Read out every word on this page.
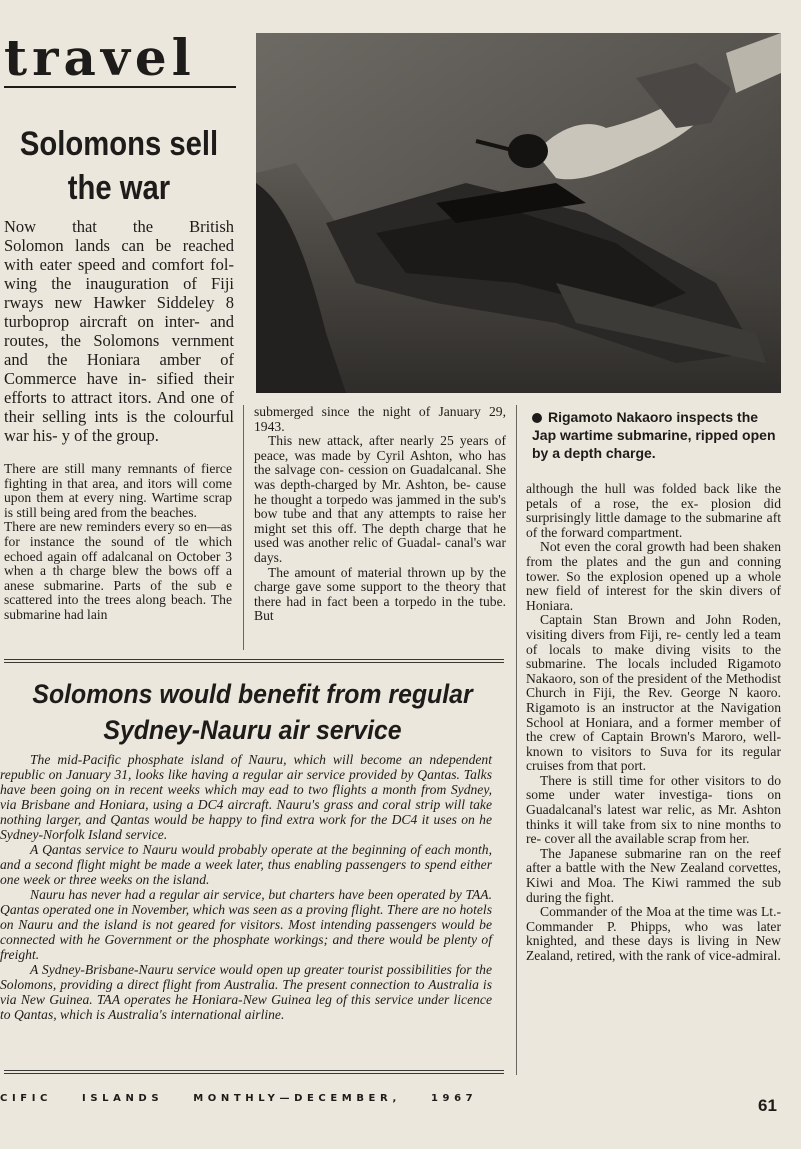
travel
Solomons sell
the war

Now that the British Solomon lands can be reached with eater speed and comfort fol- wing the inauguration of Fiji rways new Hawker Siddeley 8 turboprop aircraft on inter- and routes, the Solomons vernment and the Honiara amber of Commerce have in- sified their efforts to attract itors. And one of their selling ints is the colourful war his- y of the group.

There are still many remnants of fierce fighting in that area, and itors will come upon them at every ning. Wartime scrap is still being ared from the beaches.

There are new reminders every so en—as for instance the sound of tle which echoed again off adalcanal on October 3 when a th charge blew the bows off a anese submarine. Parts of the sub e scattered into the trees along beach. The submarine had lain

submerged since the night of January 29, 1943.

This new attack, after nearly 25 years of peace, was made by Cyril Ashton, who has the salvage con- cession on Guadalcanal. She was depth-charged by Mr. Ashton, be- cause he thought a torpedo was jammed in the sub's bow tube and that any attempts to raise her might set this off. The depth charge that he used was another relic of Guadal- canal's war days.

The amount of material thrown up by the charge gave some support to the theory that there had in fact been a torpedo in the tube. But

Rigamoto Nakaoro inspects the Jap wartime submarine, ripped open by a depth charge.

although the hull was folded back like the petals of a rose, the ex- plosion did surprisingly little damage to the submarine aft of the forward compartment.

Not even the coral growth had been shaken from the plates and the gun and conning tower. So the explosion opened up a whole new field of interest for the skin divers of Honiara.

Captain Stan Brown and John Roden, visiting divers from Fiji, re- cently led a team of locals to make diving visits to the submarine. The locals included Rigamoto Nakaoro, son of the president of the Methodist Church in Fiji, the Rev. George N kaoro. Rigamoto is an instructor at the Navigation School at Honiara, and a former member of the crew of Captain Brown's Maroro, well- known to visitors to Suva for its regular cruises from that port.

There is still time for other visitors to do some under water investiga- tions on Guadalcanal's latest war relic, as Mr. Ashton thinks it will take from six to nine months to re- cover all the available scrap from her.

The Japanese submarine ran on the reef after a battle with the New Zealand corvettes, Kiwi and Moa. The Kiwi rammed the sub during the fight.

Commander of the Moa at the time was Lt.-Commander P. Phipps, who was later knighted, and these days is living in New Zealand, retired, with the rank of vice-admiral.

Solomons would benefit from regular
Sydney-Nauru air service

The mid-Pacific phosphate island of Nauru, which will become an ndependent republic on January 31, looks like having a regular air service provided by Qantas. Talks have been going on in recent weeks which may ead to two flights a month from Sydney, via Brisbane and Honiara, using a DC4 aircraft. Nauru's grass and coral strip will take nothing larger, and Qantas would be happy to find extra work for the DC4 it uses on he Sydney-Norfolk Island service.

A Qantas service to Nauru would probably operate at the beginning of each month, and a second flight might be made a week later, thus enabling passengers to spend either one week or three weeks on the island.

Nauru has never had a regular air service, but charters have been operated by TAA. Qantas operated one in November, which was seen as a proving flight. There are no hotels on Nauru and the island is not geared for visitors. Most intending passengers would be connected with he Government or the phosphate workings; and there would be plenty of freight.

A Sydney-Brisbane-Nauru service would open up greater tourist possibilities for the Solomons, providing a direct flight from Australia. The present connection to Australia is via New Guinea. TAA operates he Honiara-New Guinea leg of this service under licence to Qantas, which is Australia's international airline.

CIFIC ISLANDS MONTHLY—DECEMBER, 1967	61
